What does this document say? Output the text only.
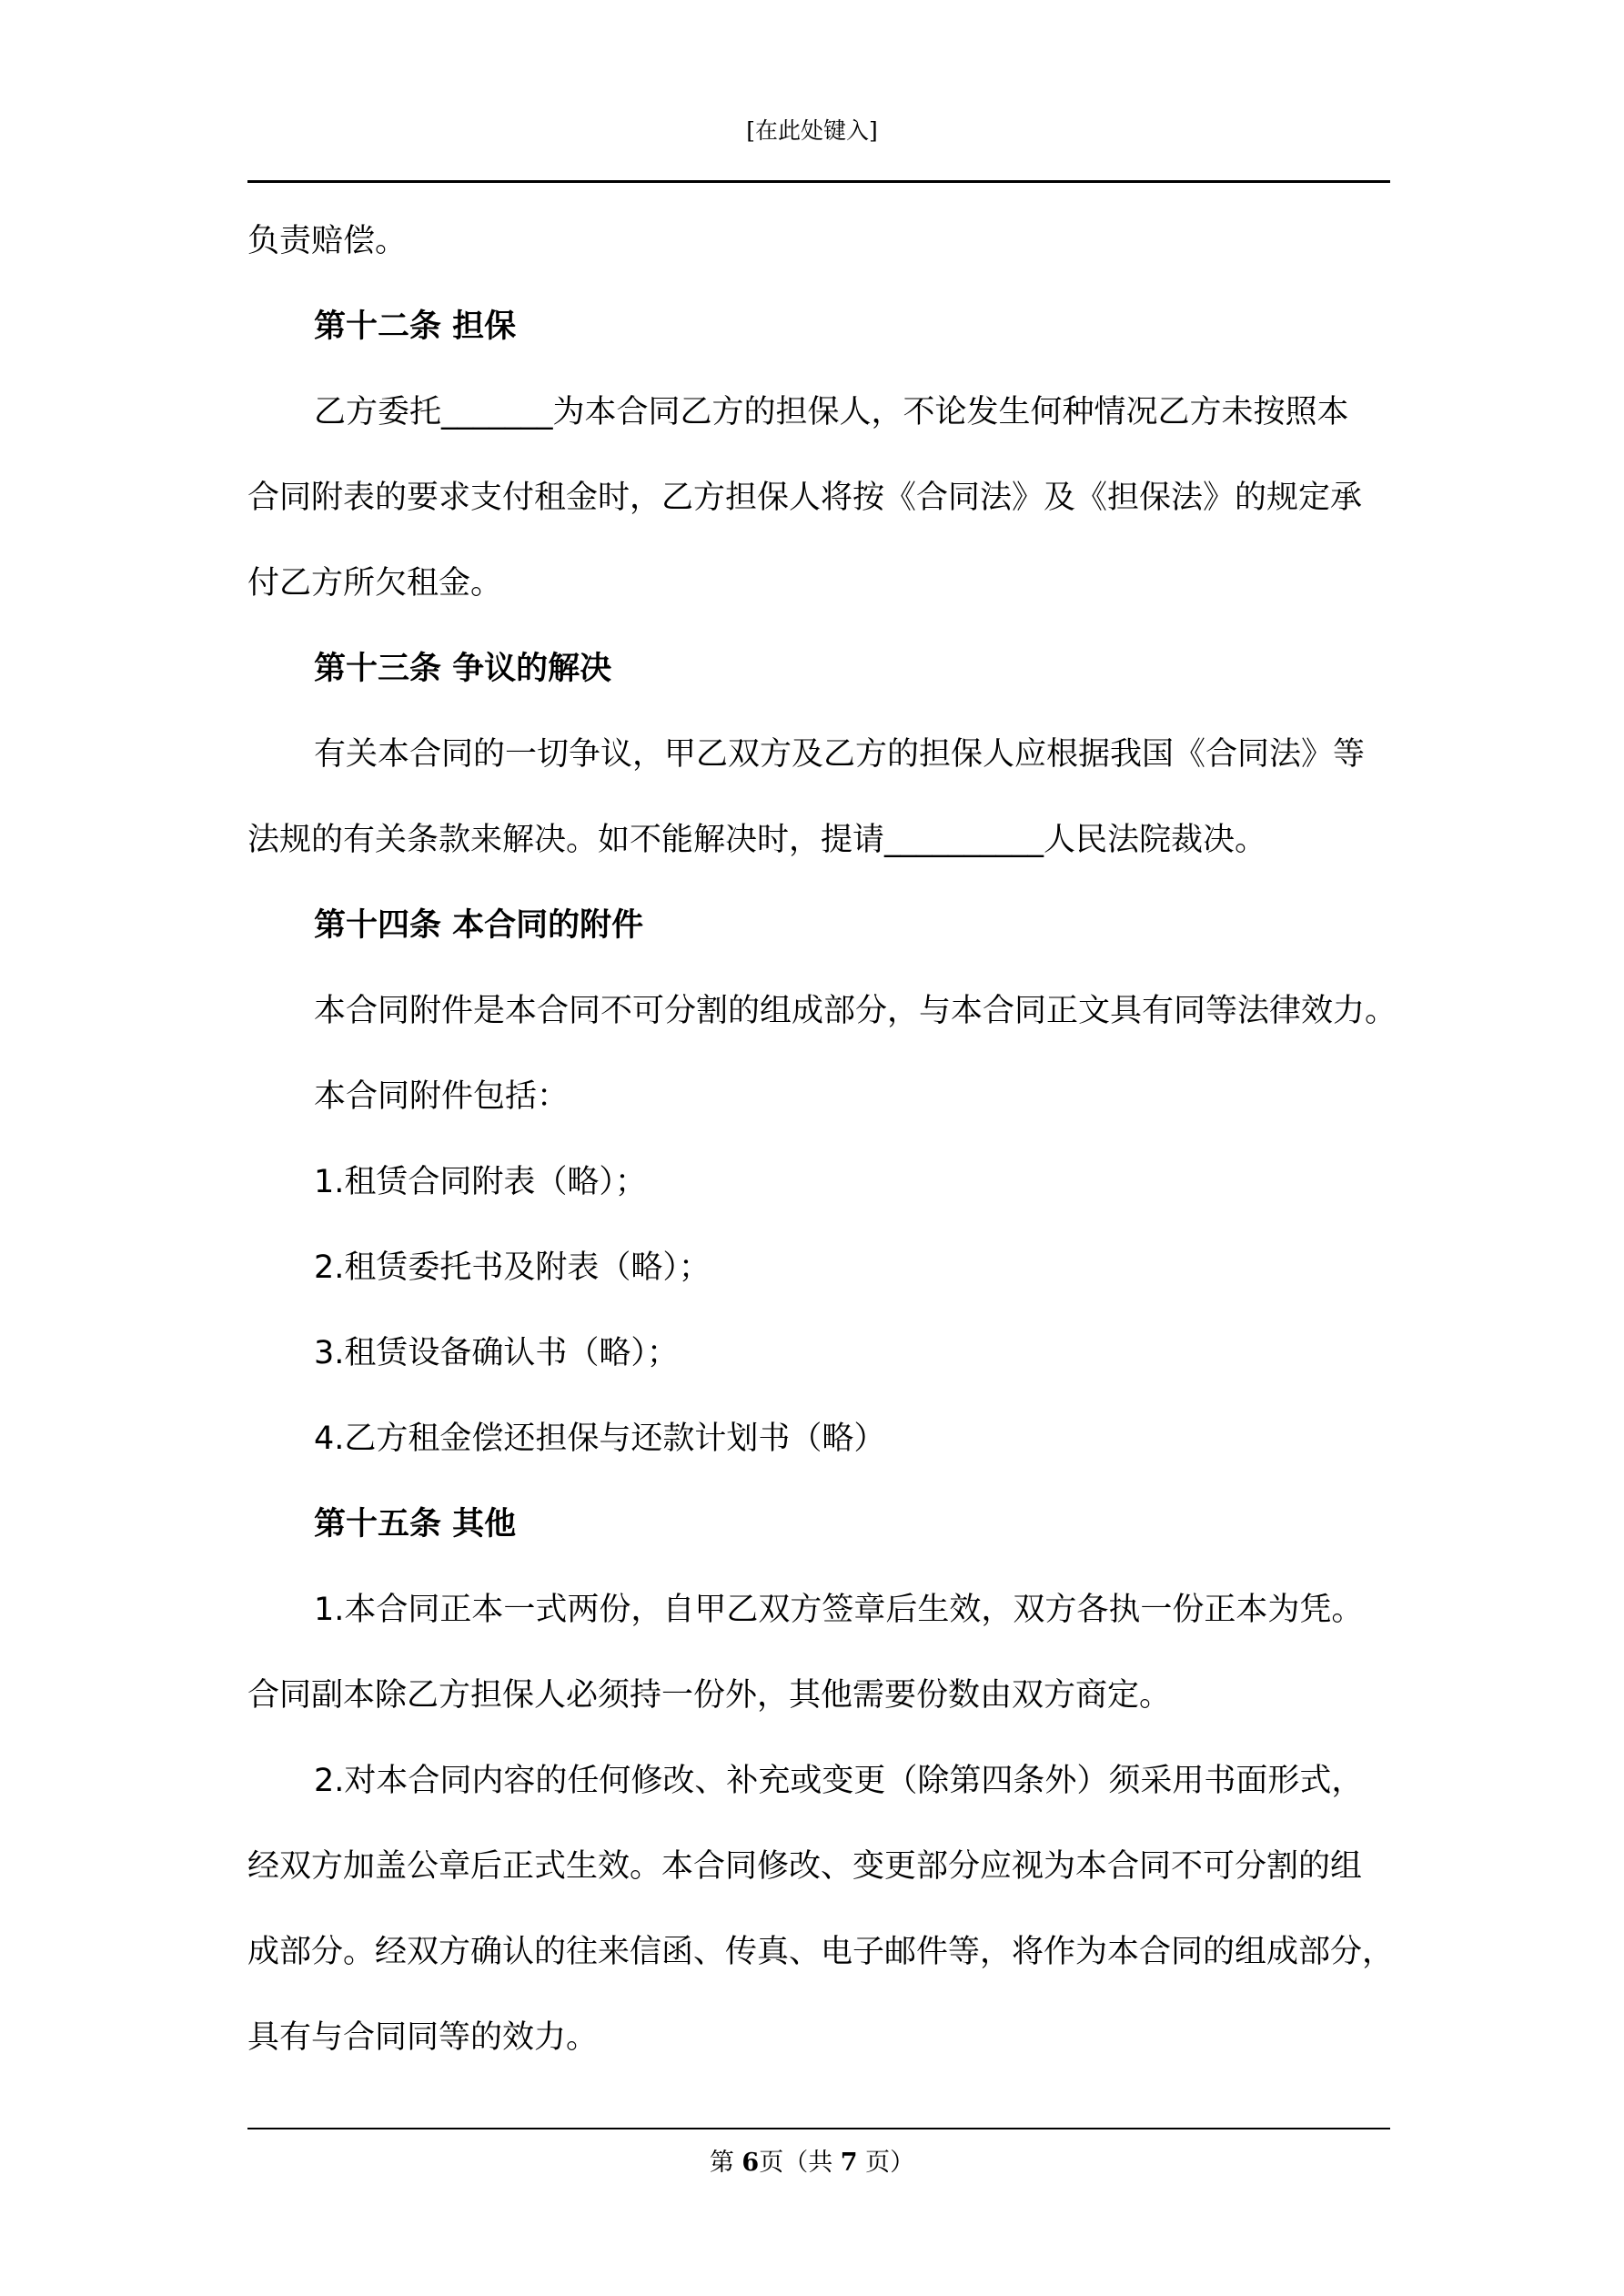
[在此处键入]
负责赔偿。
第十二条 担保
乙方委托_______为本合同乙方的担保人，不论发生何种情况乙方未按照本
合同附表的要求支付租金时，乙方担保人将按《合同法》及《担保法》的规定承
付乙方所欠租金。
第十三条 争议的解决
有关本合同的一切争议，甲乙双方及乙方的担保人应根据我国《合同法》等
法规的有关条款来解决。如不能解决时，提请__________人民法院裁决。
第十四条 本合同的附件
本合同附件是本合同不可分割的组成部分，与本合同正文具有同等法律效力。
本合同附件包括：
1.租赁合同附表（略）；
2.租赁委托书及附表（略）；
3.租赁设备确认书（略）；
4.乙方租金偿还担保与还款计划书（略）
第十五条 其他
1.本合同正本一式两份，自甲乙双方签章后生效，双方各执一份正本为凭。
合同副本除乙方担保人必须持一份外，其他需要份数由双方商定。
2.对本合同内容的任何修改、补充或变更（除第四条外）须采用书面形式，
经双方加盖公章后正式生效。本合同修改、变更部分应视为本合同不可分割的组
成部分。经双方确认的往来信函、传真、电子邮件等，将作为本合同的组成部分，
具有与合同同等的效力。
第 6页（共 7 页）
